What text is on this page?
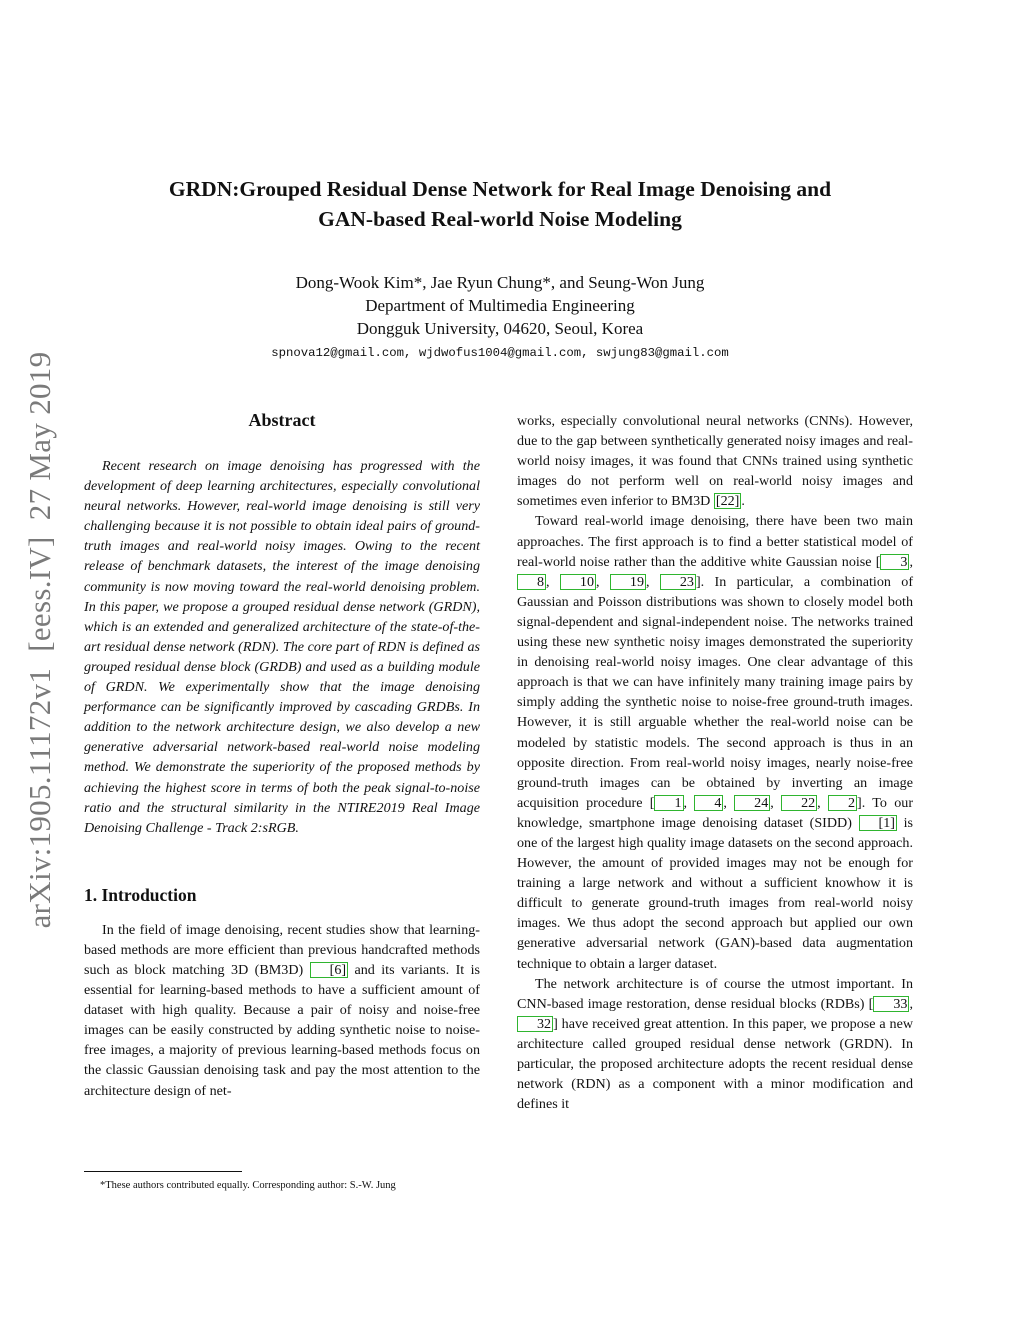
arXiv:1905.11172v1  [eess.IV]  27 May 2019
GRDN:Grouped Residual Dense Network for Real Image Denoising and
GAN-based Real-world Noise Modeling
Dong-Wook Kim*, Jae Ryun Chung*, and Seung-Won Jung
Department of Multimedia Engineering
Dongguk University, 04620, Seoul, Korea
spnova12@gmail.com, wjdwofus1004@gmail.com, swjung83@gmail.com
Abstract

Recent research on image denoising has progressed with the development of deep learning architectures, especially convolutional neural networks. However, real-world image denoising is still very challenging because it is not possible to obtain ideal pairs of ground-truth images and real-world noisy images. Owing to the recent release of benchmark datasets, the interest of the image denoising community is now moving toward the real-world denoising problem. In this paper, we propose a grouped residual dense network (GRDN), which is an extended and generalized architecture of the state-of-the-art residual dense network (RDN). The core part of RDN is defined as grouped residual dense block (GRDB) and used as a building module of GRDN. We experimentally show that the image denoising performance can be significantly improved by cascading GRDBs. In addition to the network architecture design, we also develop a new generative adversarial network-based real-world noise modeling method. We demonstrate the superiority of the proposed methods by achieving the highest score in terms of both the peak signal-to-noise ratio and the structural similarity in the NTIRE2019 Real Image Denoising Challenge - Track 2:sRGB.

1. Introduction

In the field of image denoising, recent studies show that learning-based methods are more efficient than previous handcrafted methods such as block matching 3D (BM3D) [6] and its variants. It is essential for learning-based methods to have a sufficient amount of dataset with high quality. Because a pair of noisy and noise-free images can be easily constructed by adding synthetic noise to noise-free images, a majority of previous learning-based methods focus on the classic Gaussian denoising task and pay the most attention to the architecture design of net-

works, especially convolutional neural networks (CNNs). However, due to the gap between synthetically generated noisy images and real-world noisy images, it was found that CNNs trained using synthetic images do not perform well on real-world noisy images and sometimes even inferior to BM3D [22] .

Toward real-world image denoising, there have been two main approaches. The first approach is to find a better statistical model of real-world noise rather than the additive white Gaussian noise [ 3 , 8 , 10 , 19 , 23 ]. In particular, a combination of Gaussian and Poisson distributions was shown to closely model both signal-dependent and signal-independent noise. The networks trained using these new synthetic noisy images demonstrated the superiority in denoising real-world noisy images. One clear advantage of this approach is that we can have infinitely many training image pairs by simply adding the synthetic noise to noise-free ground-truth images. However, it is still arguable whether the real-world noise can be modeled by statistic models. The second approach is thus in an opposite direction. From real-world noisy images, nearly noise-free ground-truth images can be obtained by inverting an image acquisition procedure [ 1 , 4 , 24 , 22 , 2 ]. To our knowledge, smartphone image denoising dataset (SIDD) [1] is one of the largest high quality image datasets on the second approach. However, the amount of provided images may not be enough for training a large network and without a sufficient knowhow it is difficult to generate ground-truth images from real-world noisy images. We thus adopt the second approach but applied our own generative adversarial network (GAN)-based data augmentation technique to obtain a larger dataset.

The network architecture is of course the utmost important. In CNN-based image restoration, dense residual blocks (RDBs) [ 33 , 32 ] have received great attention. In this paper, we propose a new architecture called grouped residual dense network (GRDN). In particular, the proposed architecture adopts the recent residual dense network (RDN) as a component with a minor modification and defines it

*These authors contributed equally. Corresponding author: S.-W. Jung
